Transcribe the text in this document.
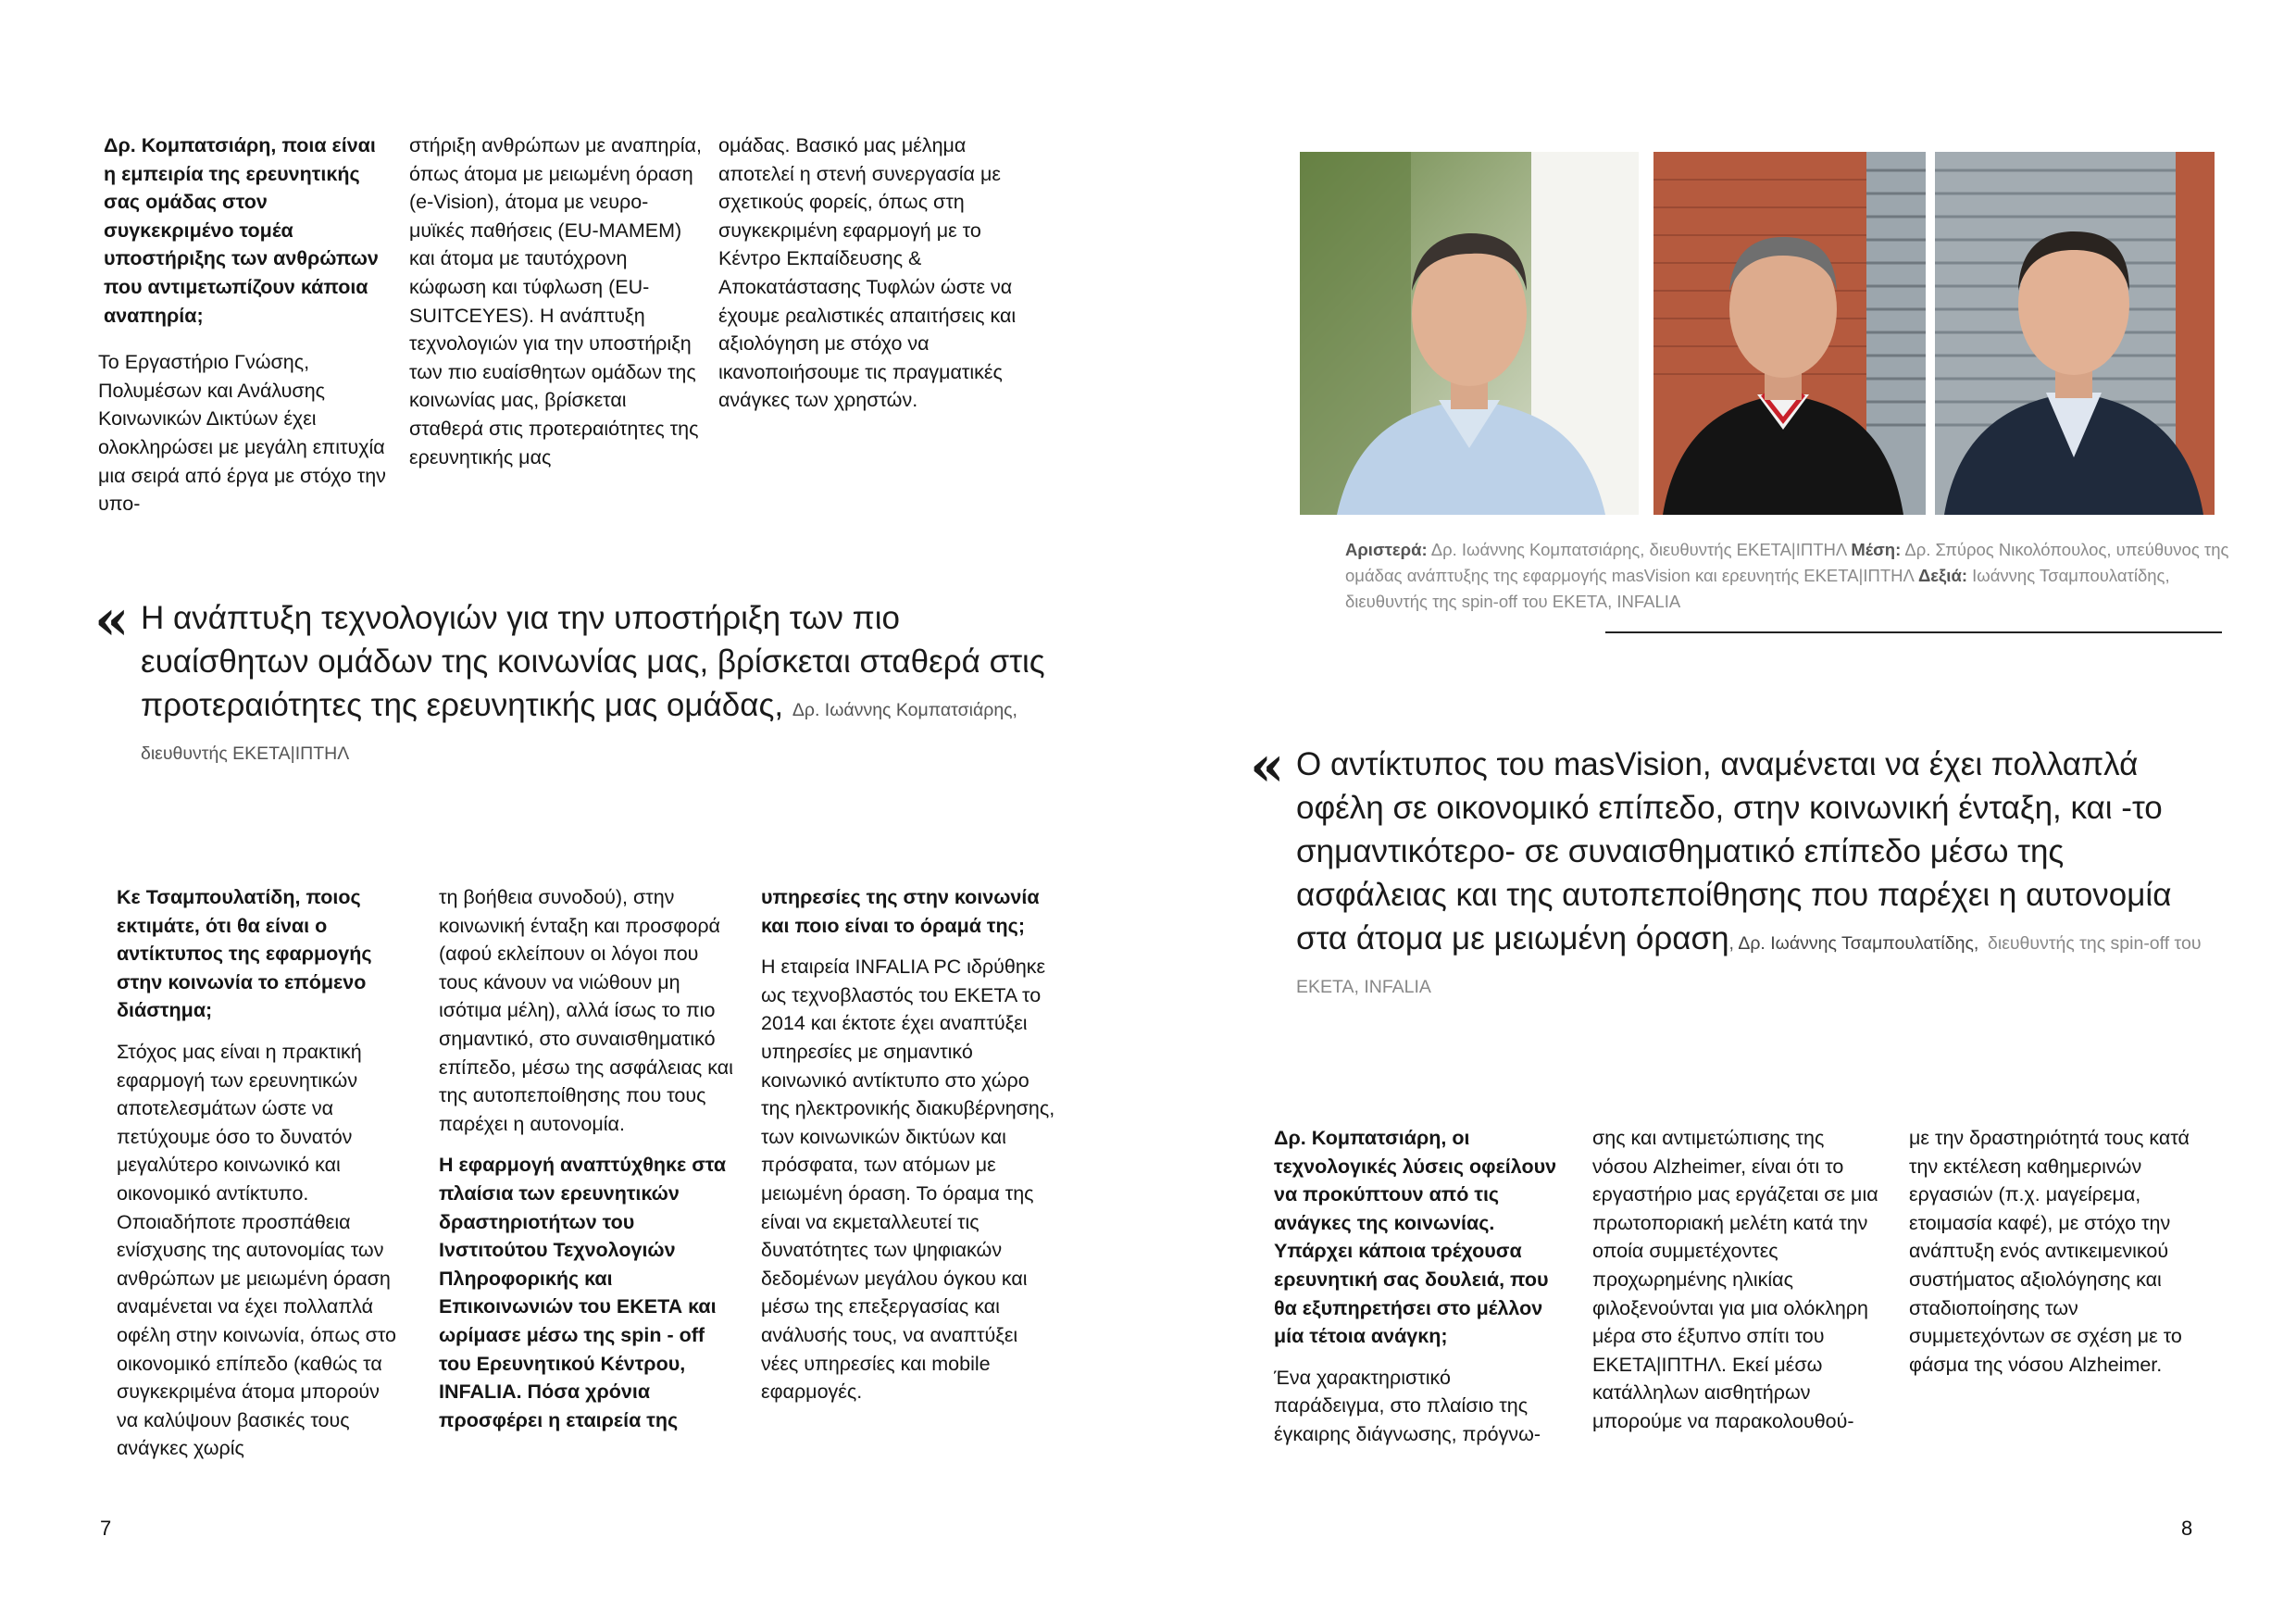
Δρ. Κομπατσιάρη, ποια είναι η εμπειρία της ερευνητικής σας ομάδας στον συγκεκριμένο τομέα υποστήριξης των ανθρώπων που αντιμετωπίζουν κάποια αναπηρία;

Το Εργαστήριο Γνώσης, Πολυμέσων και Ανάλυσης Κοινωνικών Δικτύων έχει ολοκληρώσει με μεγάλη επιτυχία μια σειρά από έργα με στόχο την υπο-

στήριξη ανθρώπων με αναπηρία, όπως άτομα με μειωμένη όραση (e-Vision), άτομα με νευρο-μυϊκές παθήσεις (EU-MAMEM) και άτομα με ταυτόχρονη κώφωση και τύφλωση (EU-SUITCEYES). Η ανάπτυξη τεχνολογιών για την υποστήριξη των πιο ευαίσθητων ομάδων της κοινωνίας μας, βρίσκεται σταθερά στις προτεραιότητες της ερευνητικής μας

ομάδας. Βασικό μας μέλημα αποτελεί η στενή συνεργασία με σχετικούς φορείς, όπως στη συγκεκριμένη εφαρμογή με το Κέντρο Εκπαίδευσης & Αποκατάστασης Τυφλών ώστε να έχουμε ρεαλιστικές απαιτήσεις και αξιολόγηση με στόχο να ικανοποιήσουμε τις πραγματικές ανάγκες των χρηστών.

« Η ανάπτυξη τεχνολογιών για την υποστήριξη των πιο ευαίσθητων ομάδων της κοινωνίας μας, βρίσκεται σταθερά στις προτεραιότητες της ερευνητικής μας ομάδας, Δρ. Ιωάννης Κομπατσιάρης, διευθυντής ΕΚΕΤΑ|ΙΠΤΗΛ

Κε Τσαμπουλατίδη, ποιος εκτιμάτε, ότι θα είναι ο αντίκτυπος της εφαρμογής στην κοινωνία το επόμενο διάστημα;

Στόχος μας είναι η πρακτική εφαρμογή των ερευνητικών αποτελεσμάτων ώστε να πετύχουμε όσο το δυνατόν μεγαλύτερο κοινωνικό και οικονομικό αντίκτυπο. Οποιαδήποτε προσπάθεια ενίσχυσης της αυτονομίας των ανθρώπων με μειωμένη όραση αναμένεται να έχει πολλαπλά οφέλη στην κοινωνία, όπως στο οικονομικό επίπεδο (καθώς τα συγκεκριμένα άτομα μπορούν να καλύψουν βασικές τους ανάγκες χωρίς

τη βοήθεια συνοδού), στην κοινωνική ένταξη και προσφορά (αφού εκλείπουν οι λόγοι που τους κάνουν να νιώθουν μη ισότιμα μέλη), αλλά ίσως το πιο σημαντικό, στο συναισθηματικό επίπεδο, μέσω της ασφάλειας και της αυτοπεποίθησης που τους παρέχει η αυτονομία.

Η εφαρμογή αναπτύχθηκε στα πλαίσια των ερευνητικών δραστηριοτήτων του Ινστιτούτου Τεχνολογιών Πληροφορικής και Επικοινωνιών του ΕΚΕΤΑ και ωρίμασε μέσω της spin - off του Ερευνητικού Κέντρου, INFALIA. Πόσα χρόνια προσφέρει η εταιρεία της

υπηρεσίες της στην κοινωνία και ποιο είναι το όραμά της;

Η εταιρεία INFALIA PC ιδρύθηκε ως τεχνοβλαστός του ΕΚΕΤΑ το 2014 και έκτοτε έχει αναπτύξει υπηρεσίες με σημαντικό κοινωνικό αντίκτυπο στο χώρο της ηλεκτρονικής διακυβέρνησης, των κοινωνικών δικτύων και πρόσφατα, των ατόμων με μειωμένη όραση. Το όραμα της είναι να εκμεταλλευτεί τις δυνατότητες των ψηφιακών δεδομένων μεγάλου όγκου και μέσω της επεξεργασίας και ανάλυσής τους, να αναπτύξει νέες υπηρεσίες και mobile εφαρμογές.

7
Αριστερά: Δρ. Ιωάννης Κομπατσιάρης, διευθυντής ΕΚΕΤΑ|ΙΠΤΗΛ Μέση: Δρ. Σπύρος Νικολόπουλος, υπεύθυνος της ομάδας ανάπτυξης της εφαρμογής masVision και ερευνητής ΕΚΕΤΑ|ΙΠΤΗΛ Δεξιά: Ιωάννης Τσαμπουλατίδης, διευθυντής της spin-off του ΕΚΕΤΑ, INFALIA
« Ο αντίκτυπος του masVision, αναμένεται να έχει πολλαπλά οφέλη σε οικονομικό επίπεδο, στην κοινωνική ένταξη, και -το σημαντικότερο- σε συναισθηματικό επίπεδο μέσω της ασφάλειας και της αυτοπεποίθησης που παρέχει η αυτονομία στα άτομα με μειωμένη όραση, Δρ. Ιωάννης Τσαμπουλατίδης, διευθυντής της spin-off του ΕΚΕΤΑ, INFALIA

Δρ. Κομπατσιάρη, οι τεχνολογικές λύσεις οφείλουν να προκύπτουν από τις ανάγκες της κοινωνίας. Υπάρχει κάποια τρέχουσα ερευνητική σας δουλειά, που θα εξυπηρετήσει στο μέλλον μία τέτοια ανάγκη;

Ένα χαρακτηριστικό παράδειγμα, στο πλαίσιο της έγκαιρης διάγνωσης, πρόγνω-

σης και αντιμετώπισης της νόσου Alzheimer, είναι ότι το εργαστήριο μας εργάζεται σε μια πρωτοποριακή μελέτη κατά την οποία συμμετέχοντες προχωρημένης ηλικίας φιλοξενούνται για μια ολόκληρη μέρα στο έξυπνο σπίτι του ΕΚΕΤΑ|ΙΠΤΗΛ. Εκεί μέσω κατάλληλων αισθητήρων μπορούμε να παρακολουθού-

με την δραστηριότητά τους κατά την εκτέλεση καθημερινών εργασιών (π.χ. μαγείρεμα, ετοιμασία καφέ), με στόχο την ανάπτυξη ενός αντικειμενικού συστήματος αξιολόγησης και σταδιοποίησης των συμμετεχόντων σε σχέση με το φάσμα της νόσου Alzheimer.

8
